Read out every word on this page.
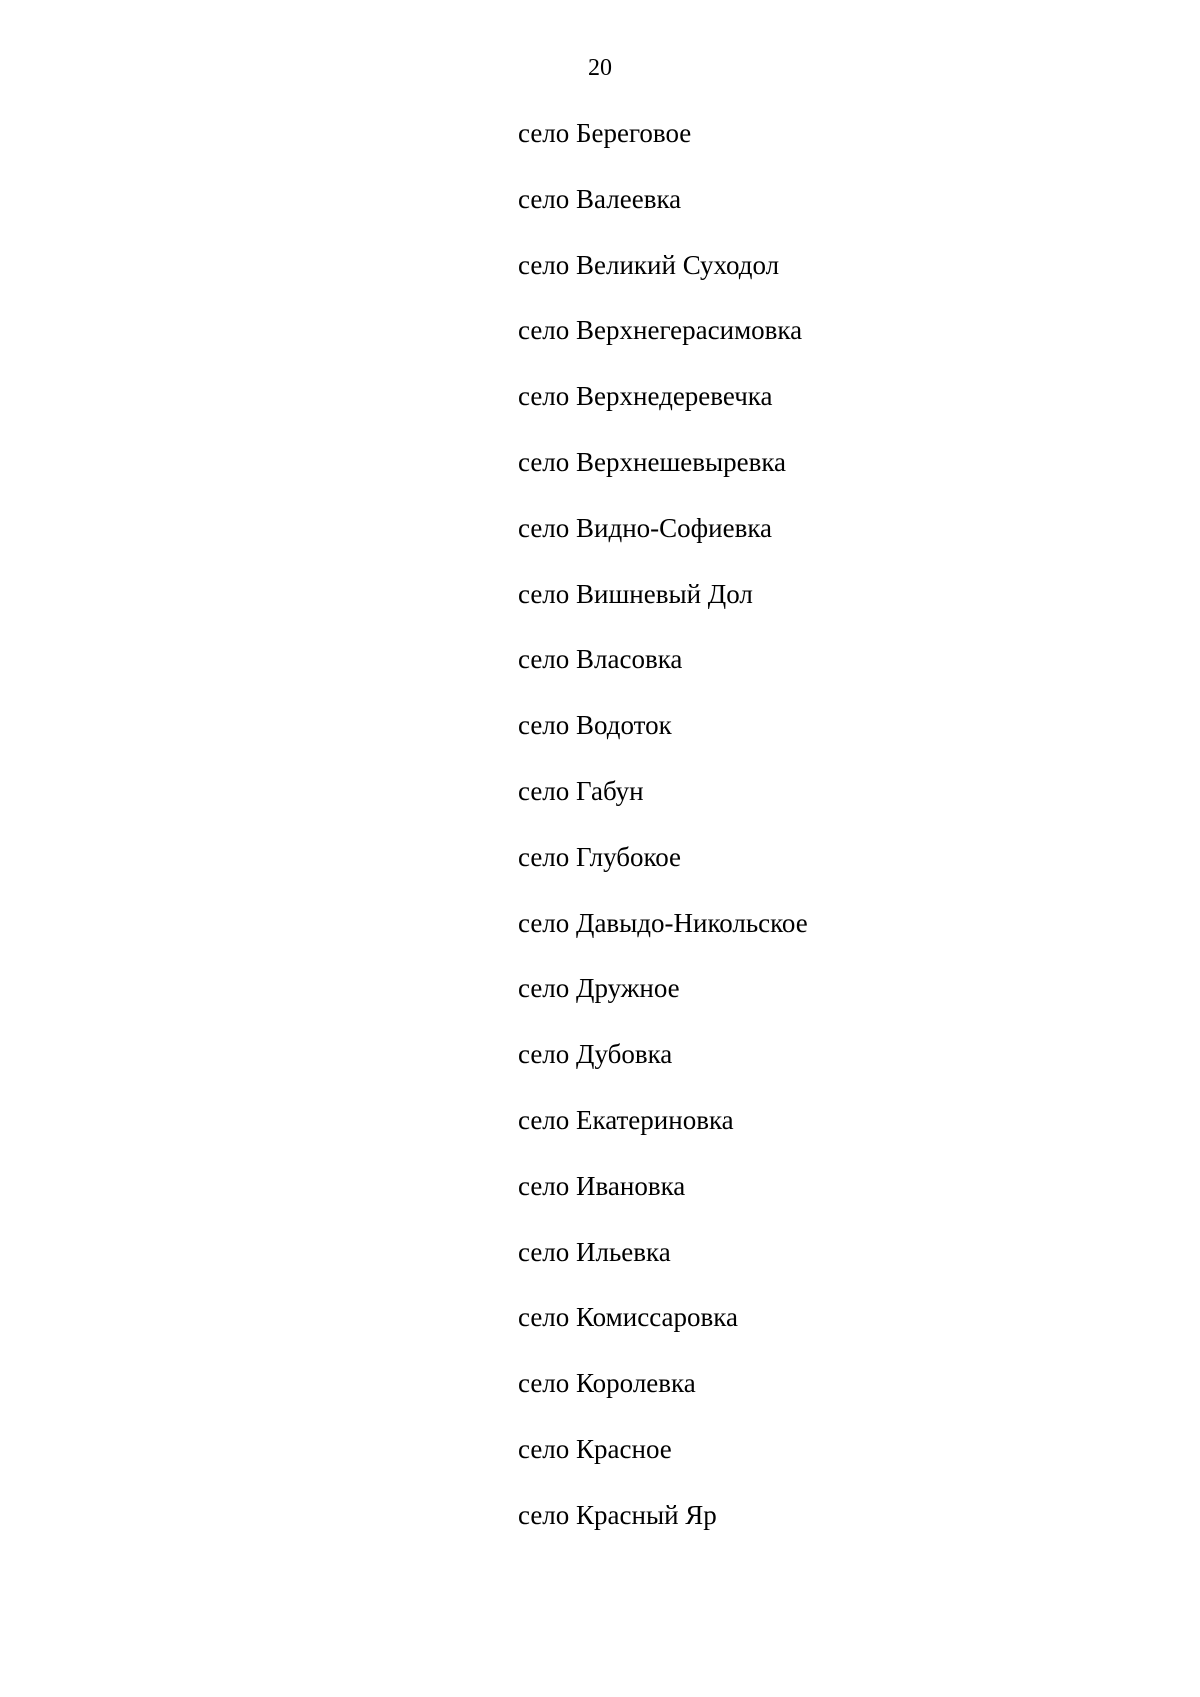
20
село Береговое
село Валеевка
село Великий Суходол
село Верхнегерасимовка
село Верхнедеревечка
село Верхнешевыревка
село Видно-Софиевка
село Вишневый Дол
село Власовка
село Водоток
село Габун
село Глубокое
село Давыдо-Никольское
село Дружное
село Дубовка
село Екатериновка
село Ивановка
село Ильевка
село Комиссаровка
село Королевка
село Красное
село Красный Яр
